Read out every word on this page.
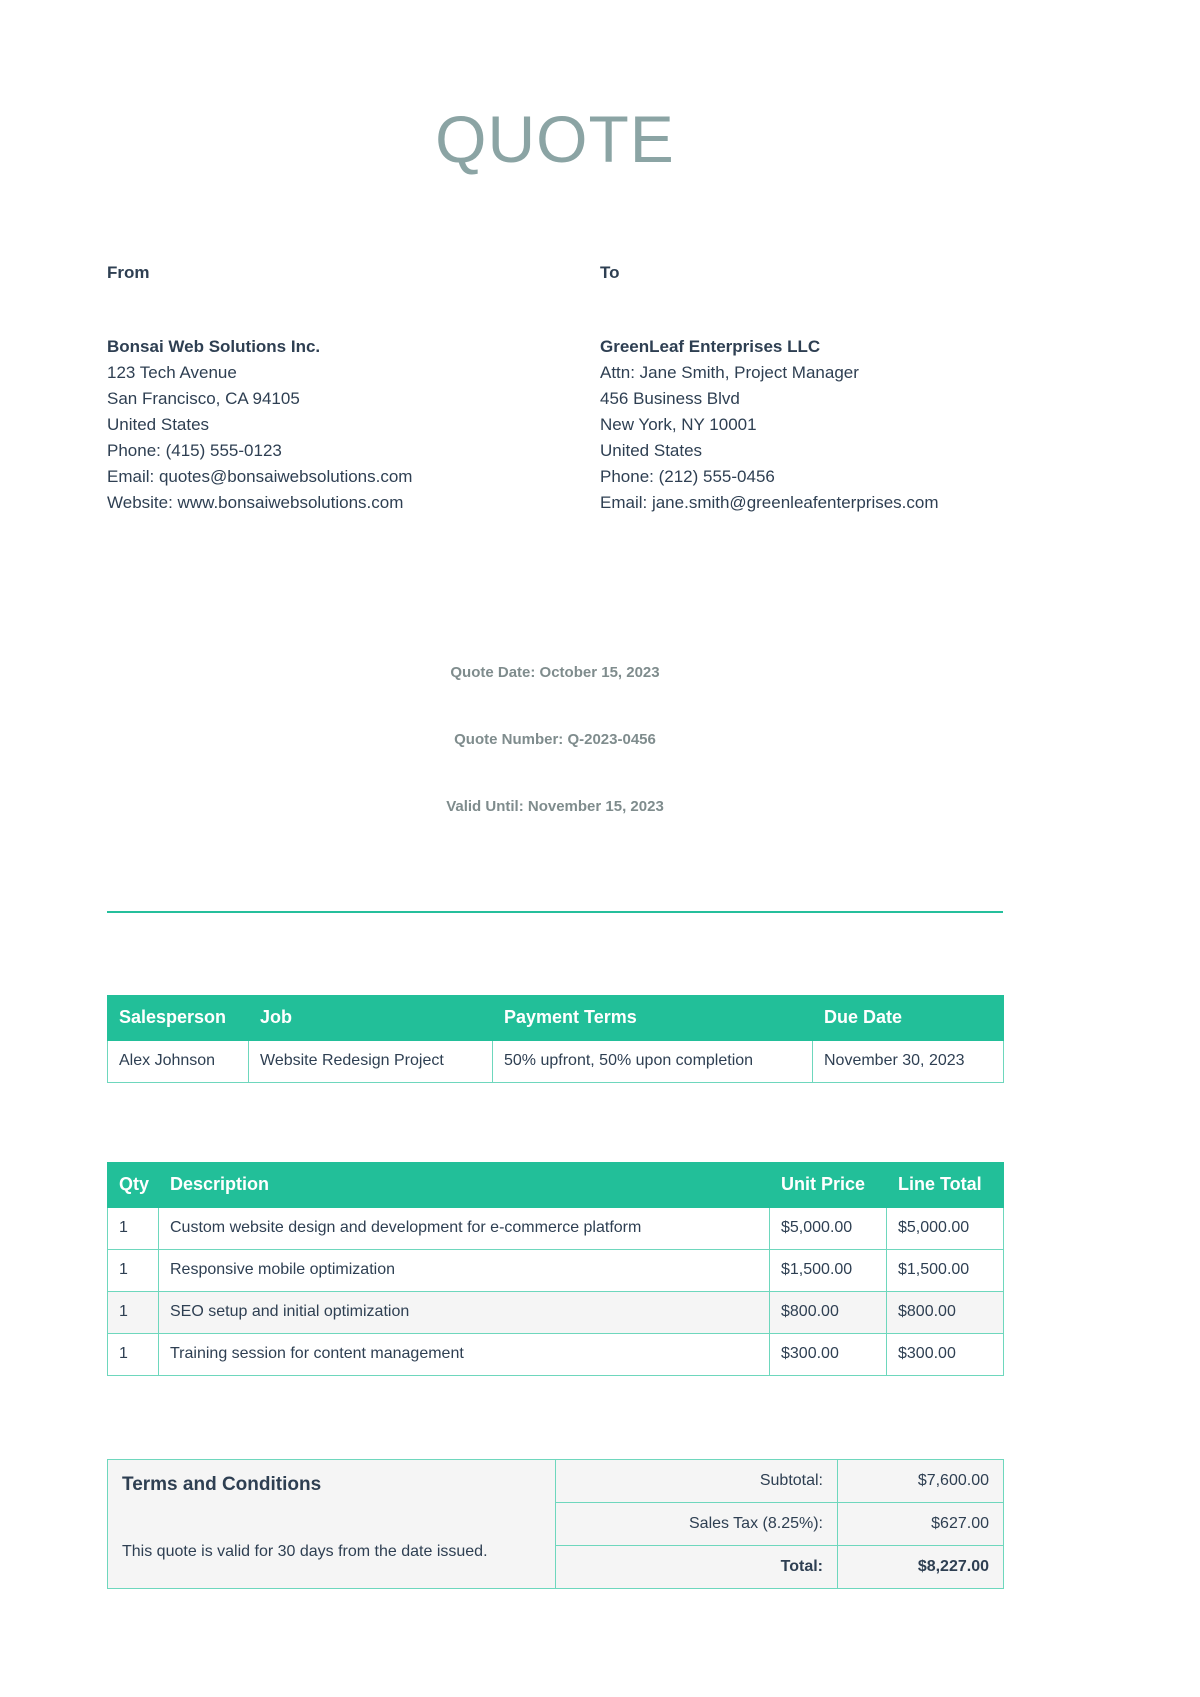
QUOTE
From
Bonsai Web Solutions Inc.
123 Tech Avenue
San Francisco, CA 94105
United States
Phone: (415) 555-0123
Email: quotes@bonsaiwebsolutions.com
Website: www.bonsaiwebsolutions.com
To
GreenLeaf Enterprises LLC
Attn: Jane Smith, Project Manager
456 Business Blvd
New York, NY 10001
United States
Phone: (212) 555-0456
Email: jane.smith@greenleafenterprises.com
Quote Date: October 15, 2023
Quote Number: Q-2023-0456
Valid Until: November 15, 2023
Salesperson	Job	Payment Terms	Due Date
Alex Johnson	Website Redesign Project	50% upfront, 50% upon completion	November 30, 2023
Qty	Description	Unit Price	Line Total
1	Custom website design and development for e-commerce platform	$5,000.00	$5,000.00
1	Responsive mobile optimization	$1,500.00	$1,500.00
1	SEO setup and initial optimization	$800.00	$800.00
1	Training session for content management	$300.00	$300.00
Terms and Conditions
This quote is valid for 30 days from the date issued.	Subtotal:	$7,600.00
	Sales Tax (8.25%):	$627.00
	Total:	$8,227.00
